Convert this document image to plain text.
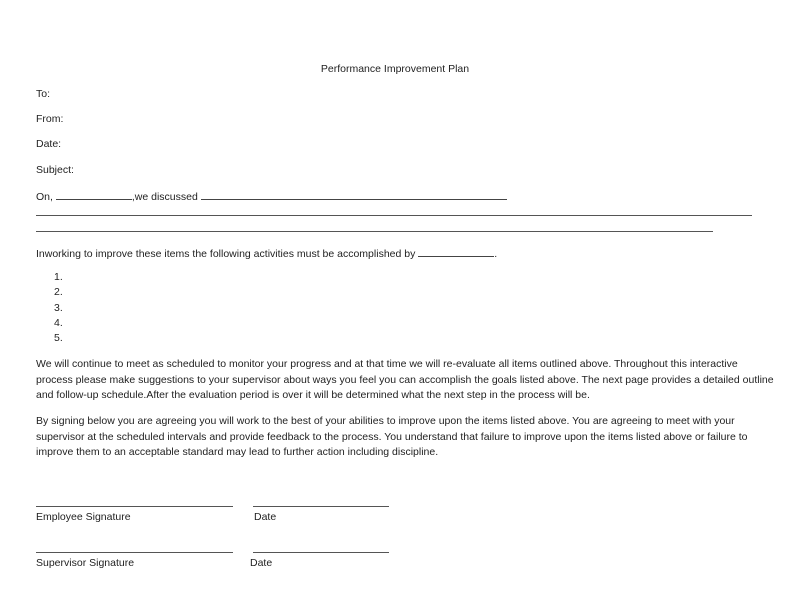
Performance Improvement Plan
To:
From:
Date:
Subject:
On,	,we discussed
Inworking to improve these items the following activities must be accomplished by	.
1.
2.
3.
4.
5.
We will continue to meet as scheduled to monitor your progress and at that time we will re-evaluate all items outlined above. Throughout this interactive
process please make suggestions to your supervisor about ways you feel you can accomplish the goals listed above. The next page provides a detailed outline
and follow-up schedule.After the evaluation period is over it will be determined what the next step in the process will be.
By signing below you are agreeing you will work to the best of your abilities to improve upon the items listed above. You are agreeing to meet with your
supervisor at the scheduled intervals and provide feedback to the process. You understand that failure to improve upon the items listed above or failure to
improve them to an acceptable standard may lead to further action including discipline.
Employee Signature	Date
Supervisor Signature	Date
